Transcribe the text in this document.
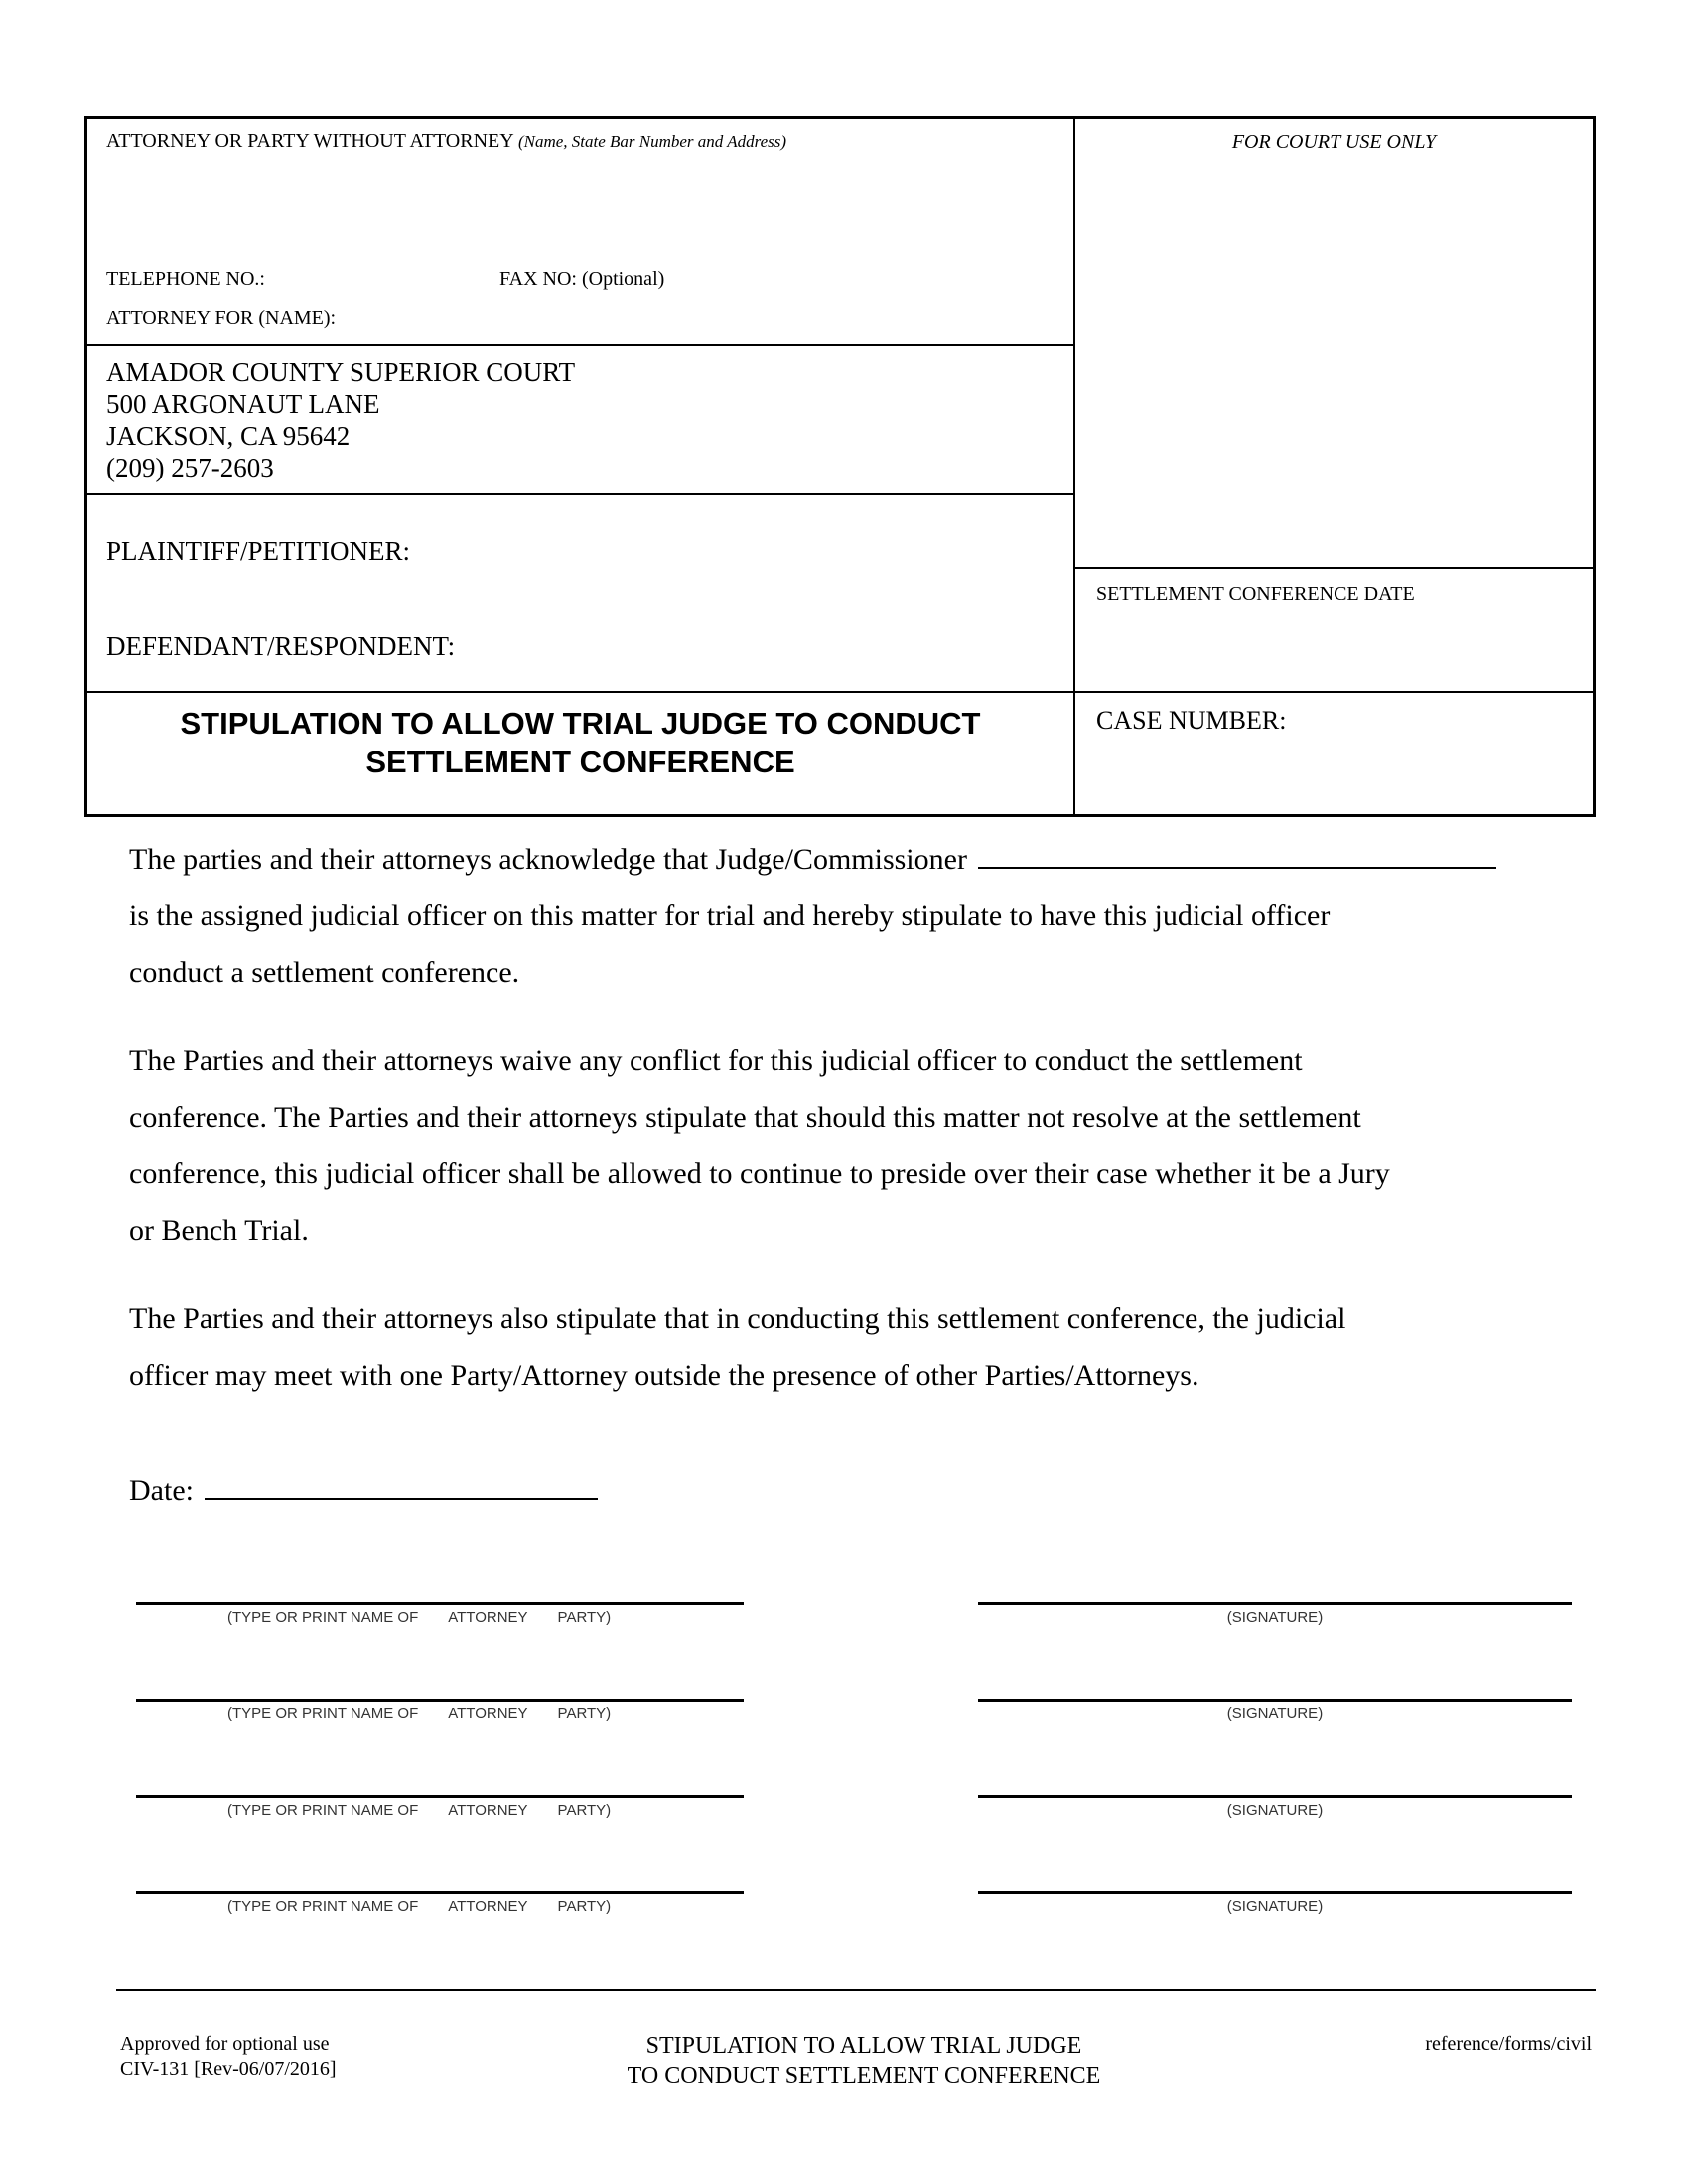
ATTORNEY OR PARTY WITHOUT ATTORNEY (Name, State Bar Number and Address)
TELEPHONE NO.:	FAX NO: (Optional)
ATTORNEY FOR (NAME):
FOR COURT USE ONLY
AMADOR COUNTY SUPERIOR COURT
500 ARGONAUT LANE
JACKSON, CA 95642
(209) 257-2603
PLAINTIFF/PETITIONER:
DEFENDANT/RESPONDENT:
SETTLEMENT CONFERENCE DATE
STIPULATION TO ALLOW TRIAL JUDGE TO CONDUCT
SETTLEMENT CONFERENCE
CASE NUMBER:
The parties and their attorneys acknowledge that Judge/Commissioner
is the assigned judicial officer on this matter for trial and hereby stipulate to have this judicial officer
conduct a settlement conference.
The Parties and their attorneys waive any conflict for this judicial officer to conduct the settlement
conference. The Parties and their attorneys stipulate that should this matter not resolve at the settlement
conference, this judicial officer shall be allowed to continue to preside over their case whether it be a Jury
or Bench Trial.
The Parties and their attorneys also stipulate that in conducting this settlement conference, the judicial
officer may meet with one Party/Attorney outside the presence of other Parties/Attorneys.
Date:
(TYPE OR PRINT NAME OF ATTORNEY PARTY)	(SIGNATURE)
(TYPE OR PRINT NAME OF ATTORNEY PARTY)	(SIGNATURE)
(TYPE OR PRINT NAME OF ATTORNEY PARTY)	(SIGNATURE)
(TYPE OR PRINT NAME OF ATTORNEY PARTY)	(SIGNATURE)
Approved for optional use
CIV-131 [Rev-06/07/2016]
STIPULATION TO ALLOW TRIAL JUDGE
TO CONDUCT SETTLEMENT CONFERENCE
reference/forms/civil
